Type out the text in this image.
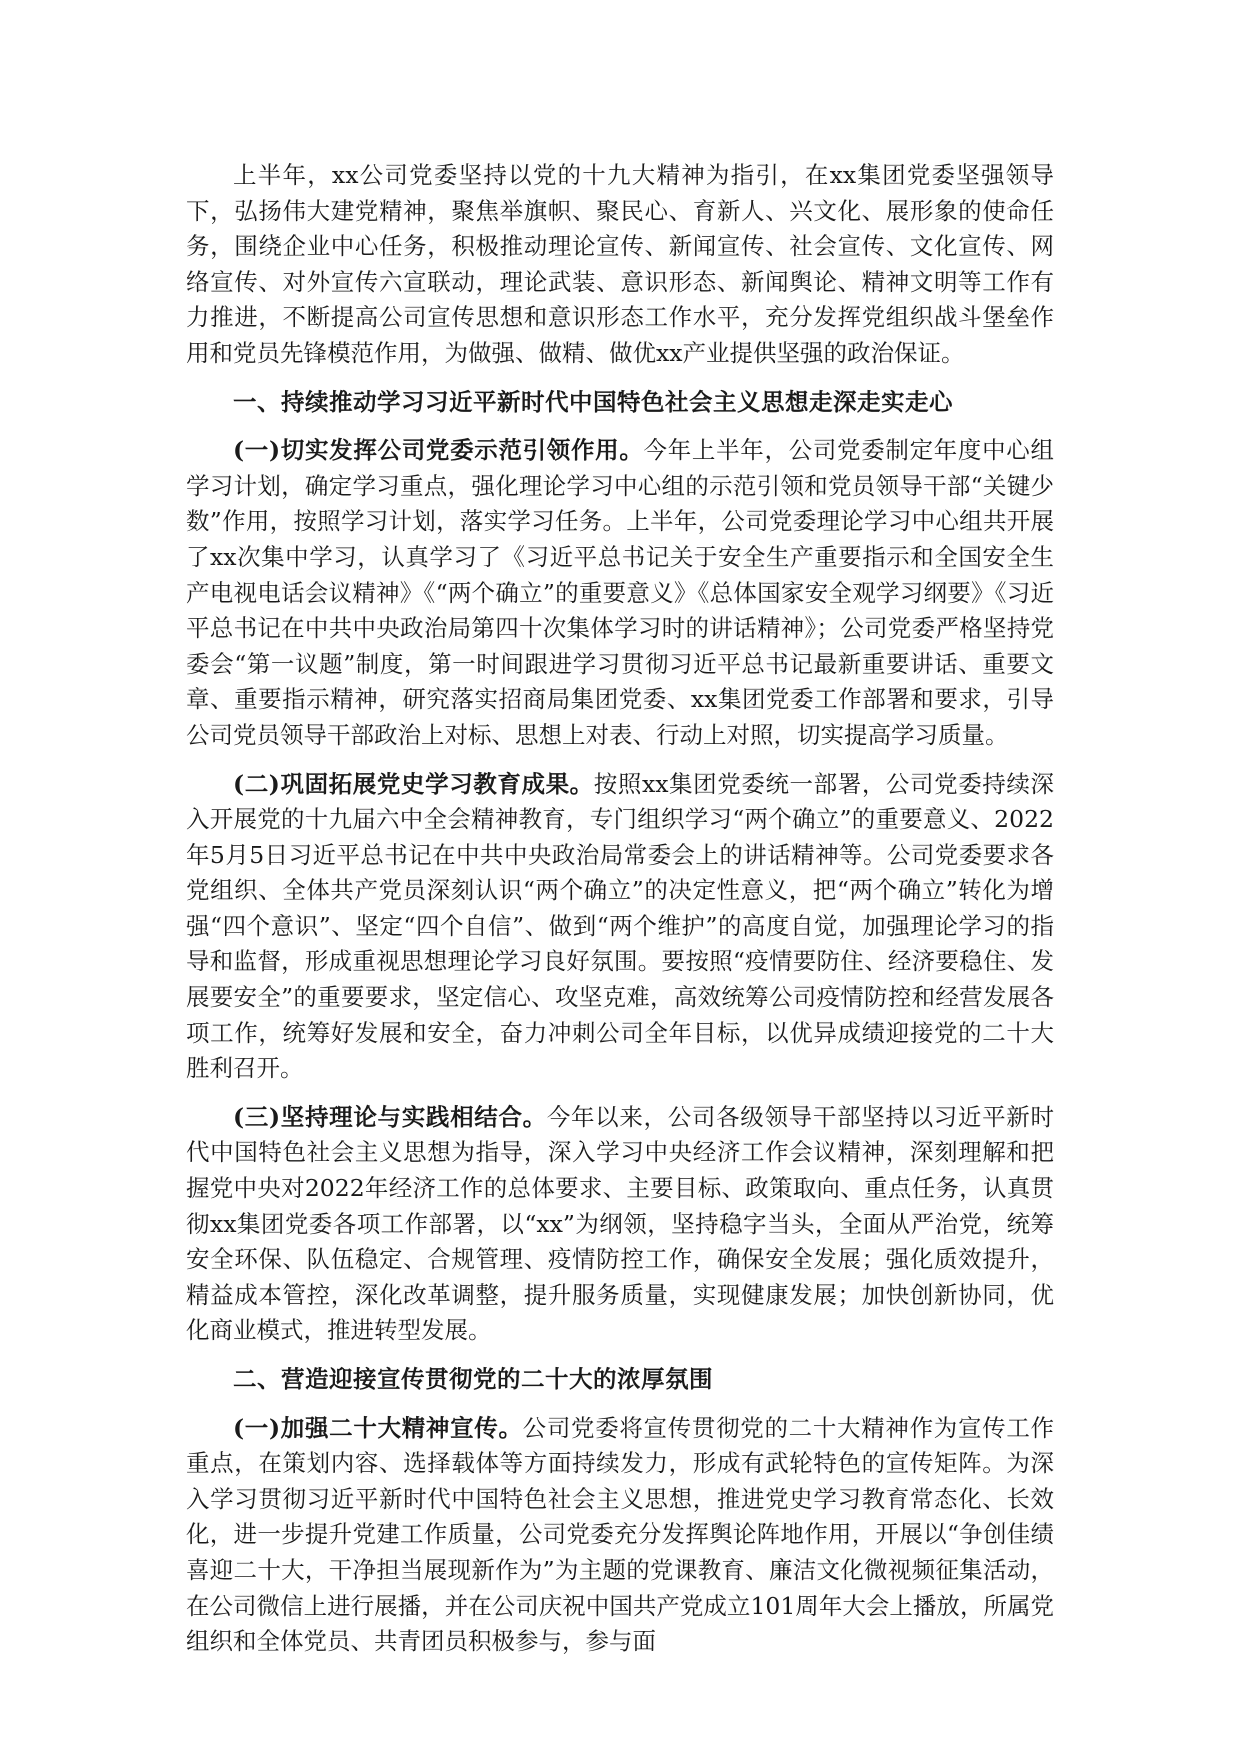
上半年，xx公司党委坚持以党的十九大精神为指引，在xx集团党委坚强领导下，弘扬伟大建党精神，聚焦举旗帜、聚民心、育新人、兴文化、展形象的使命任务，围绕企业中心任务，积极推动理论宣传、新闻宣传、社会宣传、文化宣传、网络宣传、对外宣传六宣联动，理论武装、意识形态、新闻舆论、精神文明等工作有力推进，不断提高公司宣传思想和意识形态工作水平，充分发挥党组织战斗堡垒作用和党员先锋模范作用，为做强、做精、做优xx产业提供坚强的政治保证。

一、持续推动学习习近平新时代中国特色社会主义思想走深走实走心

(一)切实发挥公司党委示范引领作用。今年上半年，公司党委制定年度中心组学习计划，确定学习重点，强化理论学习中心组的示范引领和党员领导干部“关键少数”作用，按照学习计划，落实学习任务。上半年，公司党委理论学习中心组共开展了xx次集中学习，认真学习了《习近平总书记关于安全生产重要指示和全国安全生产电视电话会议精神》《“两个确立”的重要意义》《总体国家安全观学习纲要》《习近平总书记在中共中央政治局第四十次集体学习时的讲话精神》；公司党委严格坚持党委会“第一议题”制度，第一时间跟进学习贯彻习近平总书记最新重要讲话、重要文章、重要指示精神，研究落实招商局集团党委、xx集团党委工作部署和要求，引导公司党员领导干部政治上对标、思想上对表、行动上对照，切实提高学习质量。

(二)巩固拓展党史学习教育成果。按照xx集团党委统一部署，公司党委持续深入开展党的十九届六中全会精神教育，专门组织学习“两个确立”的重要意义、2022年5月5日习近平总书记在中共中央政治局常委会上的讲话精神等。公司党委要求各党组织、全体共产党员深刻认识“两个确立”的决定性意义，把“两个确立”转化为增强“四个意识”、坚定“四个自信”、做到“两个维护”的高度自觉，加强理论学习的指导和监督，形成重视思想理论学习良好氛围。要按照“疫情要防住、经济要稳住、发展要安全”的重要要求，坚定信心、攻坚克难，高效统筹公司疫情防控和经营发展各项工作，统筹好发展和安全，奋力冲刺公司全年目标，以优异成绩迎接党的二十大胜利召开。

(三)坚持理论与实践相结合。今年以来，公司各级领导干部坚持以习近平新时代中国特色社会主义思想为指导，深入学习中央经济工作会议精神，深刻理解和把握党中央对2022年经济工作的总体要求、主要目标、政策取向、重点任务，认真贯彻xx集团党委各项工作部署，以“xx”为纲领，坚持稳字当头，全面从严治党，统筹安全环保、队伍稳定、合规管理、疫情防控工作，确保安全发展；强化质效提升，精益成本管控，深化改革调整，提升服务质量，实现健康发展；加快创新协同，优化商业模式，推进转型发展。

二、营造迎接宣传贯彻党的二十大的浓厚氛围

(一)加强二十大精神宣传。公司党委将宣传贯彻党的二十大精神作为宣传工作重点，在策划内容、选择载体等方面持续发力，形成有武轮特色的宣传矩阵。为深入学习贯彻习近平新时代中国特色社会主义思想，推进党史学习教育常态化、长效化，进一步提升党建工作质量，公司党委充分发挥舆论阵地作用，开展以“争创佳绩喜迎二十大，干净担当展现新作为”为主题的党课教育、廉洁文化微视频征集活动，在公司微信上进行展播，并在公司庆祝中国共产党成立101周年大会上播放，所属党组织和全体党员、共青团员积极参与，参与面
